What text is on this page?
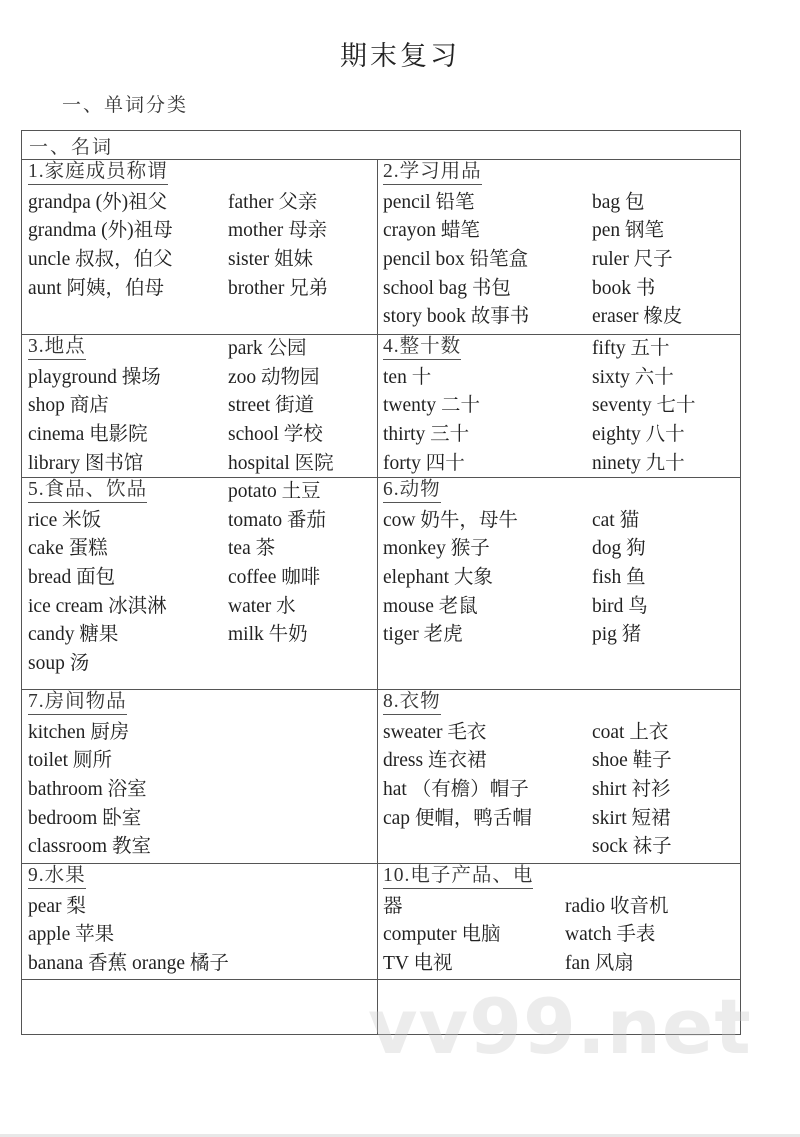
期末复习
一、单词分类
一、名词
1.家庭成员称谓
grandpa (外)祖父
grandma (外)祖母
uncle 叔叔，伯父
aunt 阿姨，伯母
father 父亲
mother 母亲
sister 姐妹
brother 兄弟
2.学习用品
pencil 铅笔
crayon 蜡笔
pencil box 铅笔盒
school bag 书包
story book 故事书
bag 包
pen 钢笔
ruler 尺子
book 书
eraser 橡皮
3.地点
playground 操场
shop 商店
cinema 电影院
library 图书馆
park 公园
zoo 动物园
street 街道
school 学校
hospital 医院
4.整十数
ten 十
twenty 二十
thirty 三十
forty 四十
fifty 五十
sixty 六十
seventy 七十
eighty 八十
ninety 九十
5.食品、饮品
rice 米饭
cake 蛋糕
bread 面包
ice cream 冰淇淋
candy 糖果
soup 汤
potato 土豆
tomato 番茄
tea 茶
coffee 咖啡
water 水
milk 牛奶
6.动物
cow 奶牛，母牛
monkey 猴子
elephant 大象
mouse 老鼠
tiger 老虎
cat 猫
dog 狗
fish 鱼
bird 鸟
pig 猪
7.房间物品
kitchen 厨房
toilet 厕所
bathroom 浴室
bedroom 卧室
classroom 教室
8.衣物
sweater 毛衣
dress 连衣裙
hat （有檐）帽子
cap 便帽，鸭舌帽
coat 上衣
shoe 鞋子
shirt 衬衫
skirt 短裙
sock 袜子
9.水果
pear 梨
apple 苹果
banana 香蕉 orange 橘子
10.电子产品、电
器
computer 电脑
TV 电视
radio 收音机
watch 手表
fan 风扇
vv99.net
